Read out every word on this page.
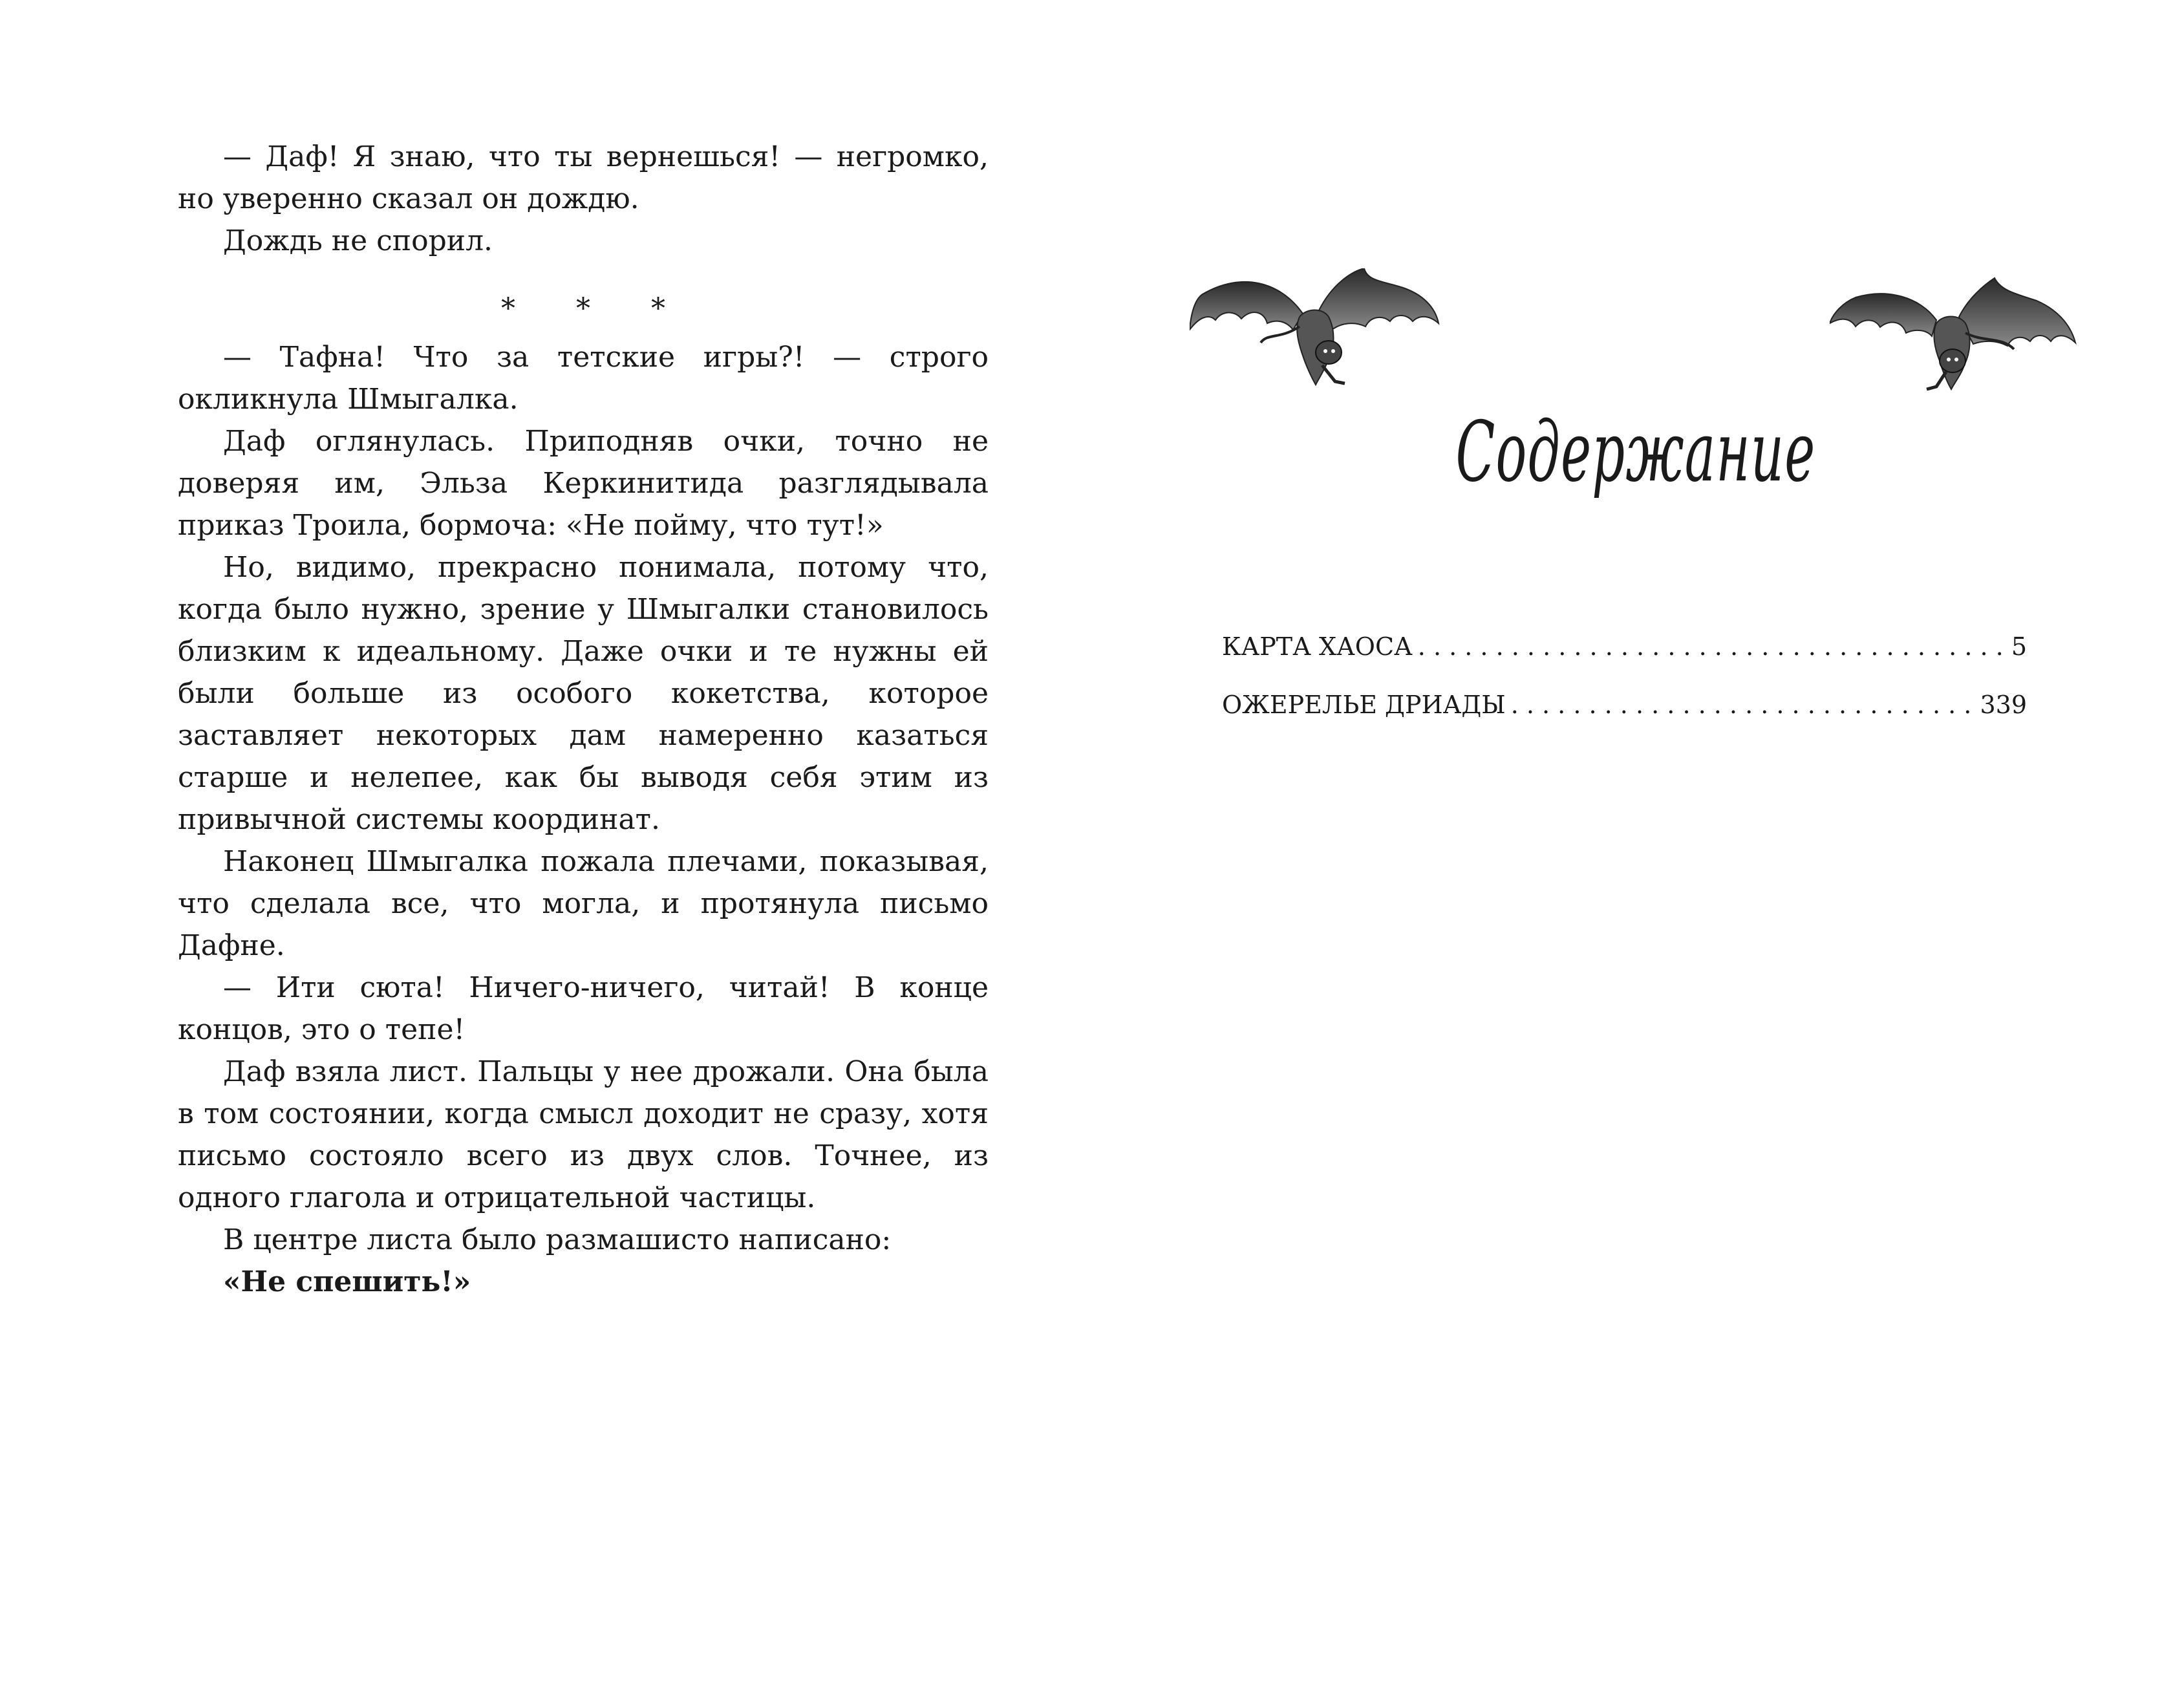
— Даф! Я знаю, что ты вернешься! — негромко, но уверенно сказал он дождю.

Дождь не спорил.

* * *

— Тафна! Что за тетские игры?! — строго окликнула Шмыгалка.

Даф оглянулась. Приподняв очки, точно не доверяя им, Эльза Керкинитида разглядывала приказ Троила, бормоча: «Не пойму, что тут!»

Но, видимо, прекрасно понимала, потому что, когда было нужно, зрение у Шмыгалки становилось близким к идеальному. Даже очки и те нужны ей были больше из особого кокетства, которое заставляет некоторых дам намеренно казаться старше и нелепее, как бы выводя себя этим из привычной системы координат.

Наконец Шмыгалка пожала плечами, показывая, что сделала все, что могла, и протянула письмо Дафне.

— Ити сюта! Ничего-ничего, читай! В конце концов, это о тепе!

Даф взяла лист. Пальцы у нее дрожали. Она была в том состоянии, когда смысл доходит не сразу, хотя письмо состояло всего из двух слов. Точнее, из одного глагола и отрицательной частицы.

В центре листа было размашисто написано:

«Не спешить!»

Содержание
КАРТА ХАОСА . . .	5
ОЖЕРЕЛЬЕ ДРИАДЫ . . .	339
